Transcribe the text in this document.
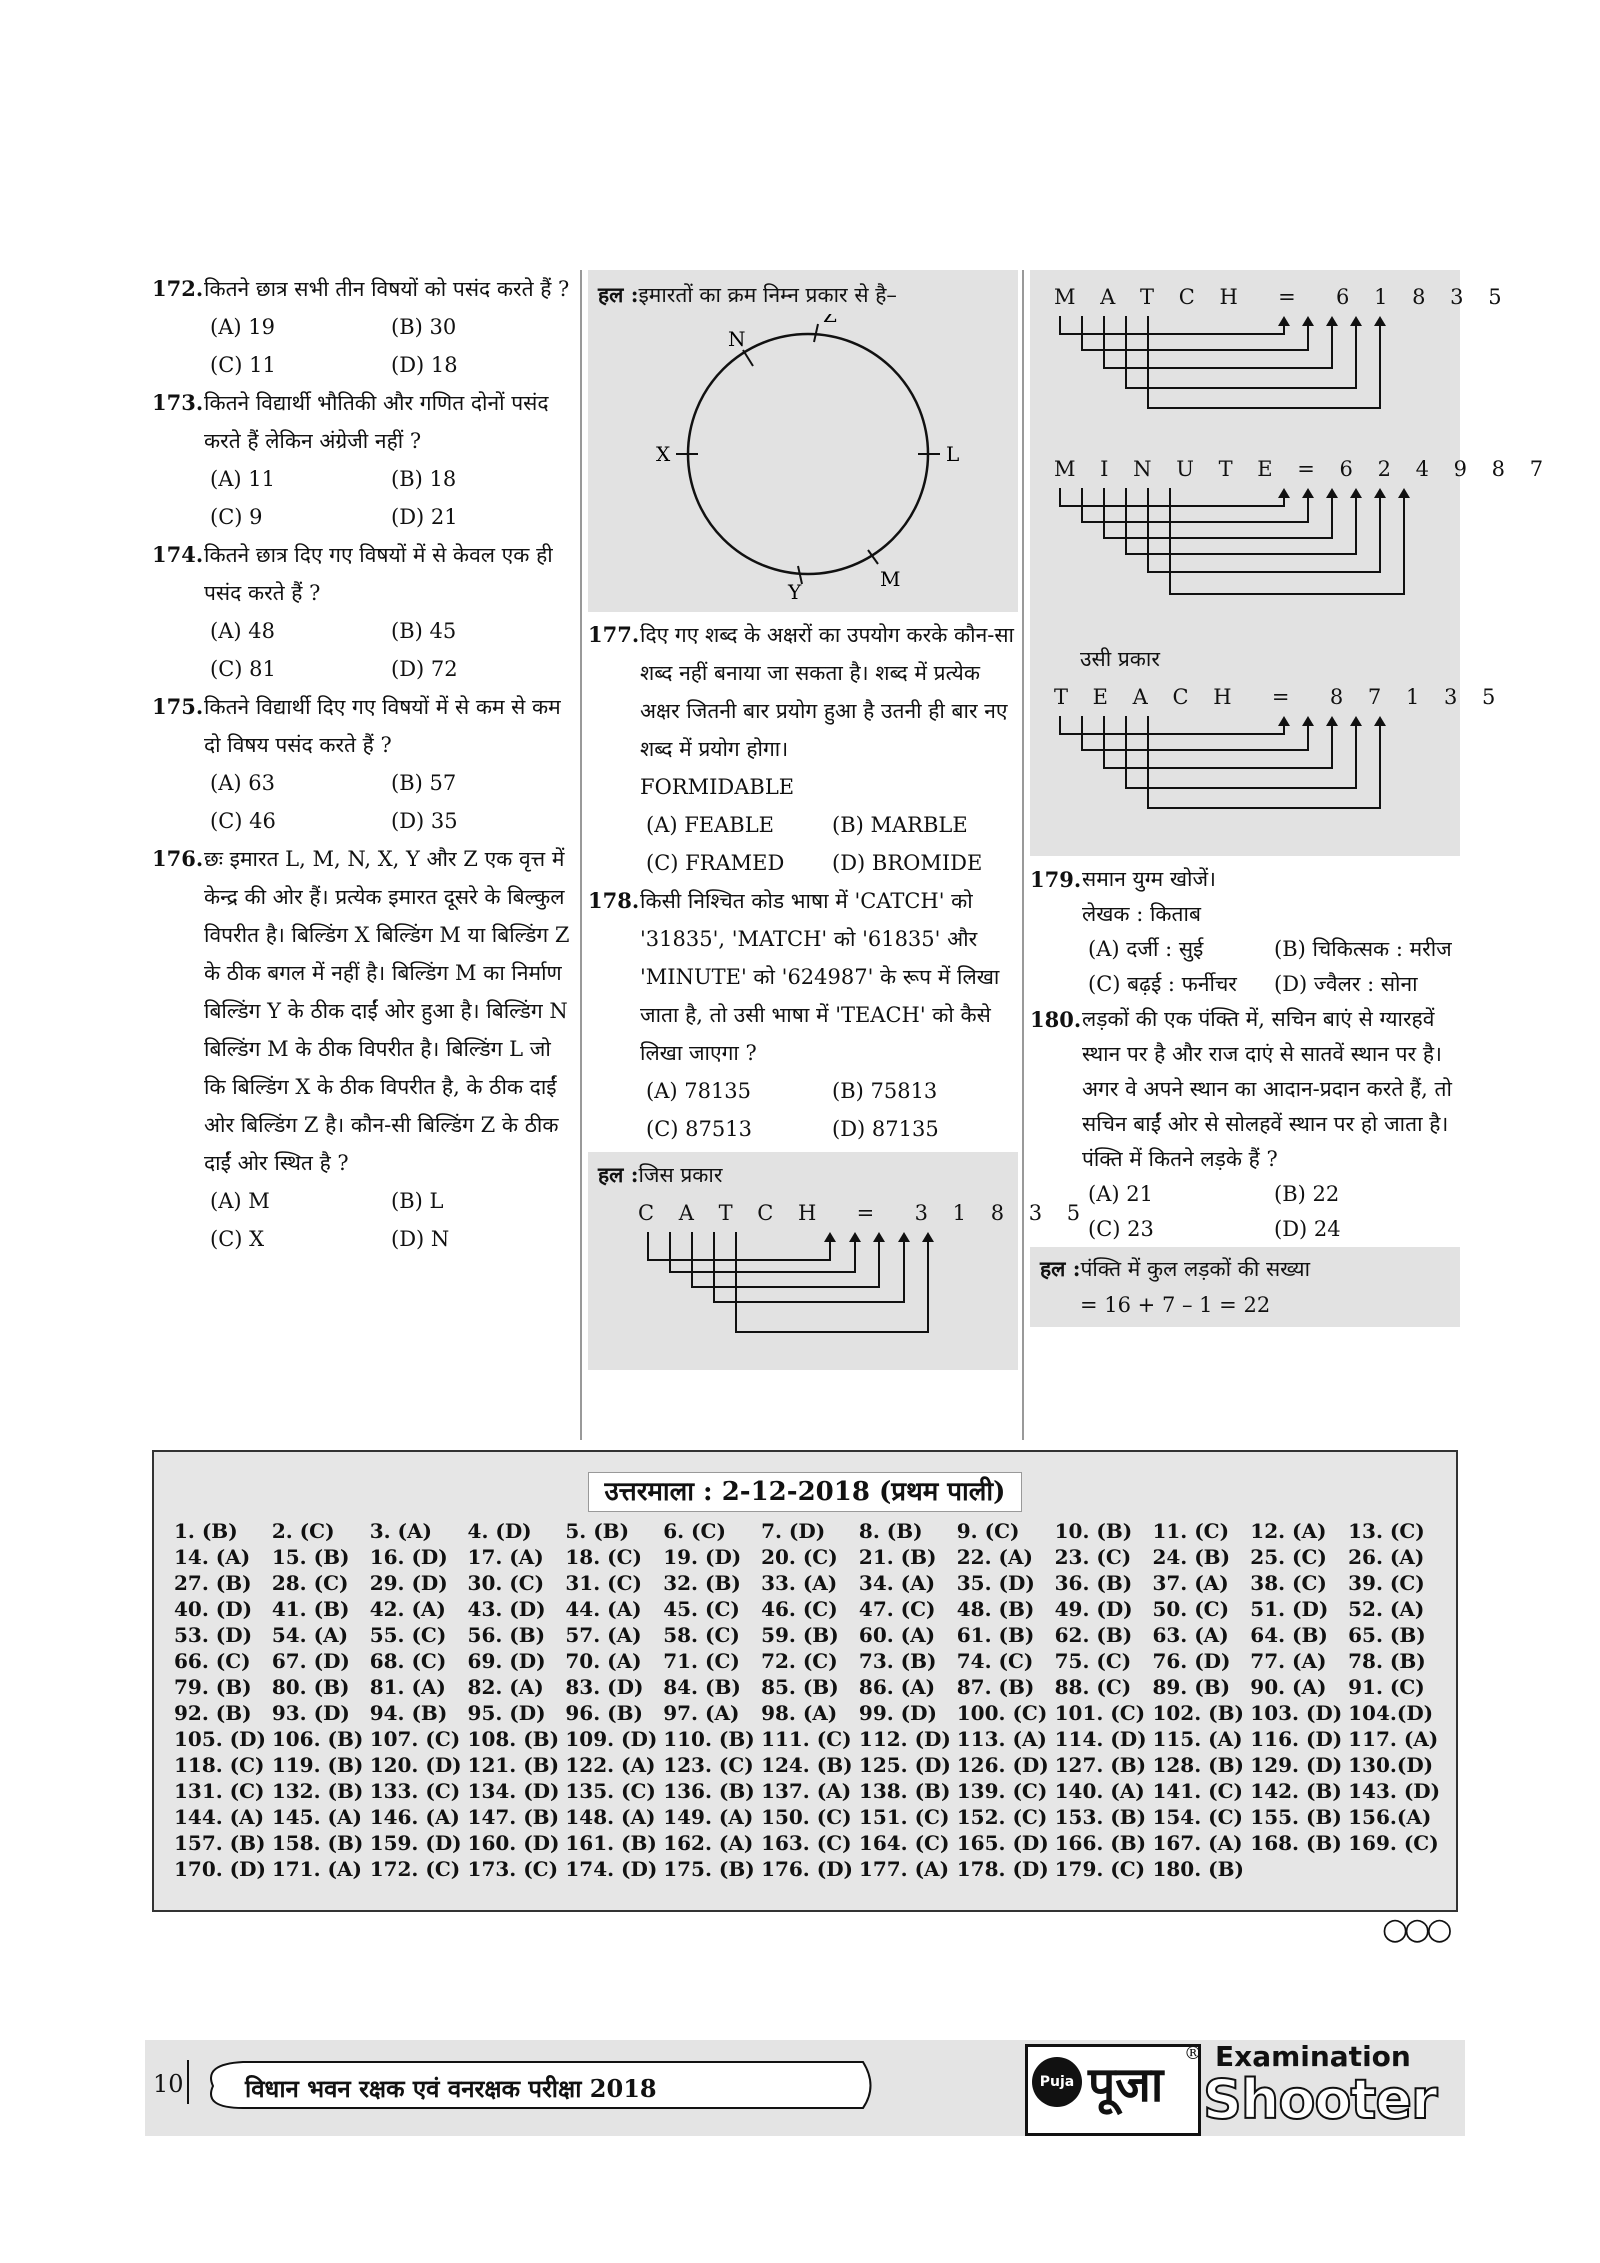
172. कितने छात्र सभी तीन विषयों को पसंद करते हैं ?
(A) 19	(B) 30
(C) 11	(D) 18
173. कितने विद्यार्थी भौतिकी और गणित दोनों पसंद करते हैं लेकिन अंग्रेजी नहीं ?
(A) 11	(B) 18
(C) 9	(D) 21
174. कितने छात्र दिए गए विषयों में से केवल एक ही पसंद करते हैं ?
(A) 48	(B) 45
(C) 81	(D) 72
175. कितने विद्यार्थी दिए गए विषयों में से कम से कम दो विषय पसंद करते हैं ?
(A) 63	(B) 57
(C) 46	(D) 35
176. छः इमारत L, M, N, X, Y और Z एक वृत्त में केन्द्र की ओर हैं। प्रत्येक इमारत दूसरे के बिल्कुल विपरीत है। बिल्डिंग X बिल्डिंग M या बिल्डिंग Z के ठीक बगल में नहीं है। बिल्डिंग M का निर्माण बिल्डिंग Y के ठीक दाईं ओर हुआ है। बिल्डिंग N बिल्डिंग M के ठीक विपरीत है। बिल्डिंग L जो कि बिल्डिंग X के ठीक विपरीत है, के ठीक दाईं ओर बिल्डिंग Z है। कौन-सी बिल्डिंग Z के ठीक दाईं ओर स्थित है ?
(A) M	(B) L
(C) X	(D) N
हल :इमारतों का क्रम निम्न प्रकार से है–
Z
N
X	L
Y
M
177. दिए गए शब्द के अक्षरों का उपयोग करके कौन-सा शब्द नहीं बनाया जा सकता है। शब्द में प्रत्येक अक्षर जितनी बार प्रयोग हुआ है उतनी ही बार नए शब्द में प्रयोग होगा।
FORMIDABLE
(A) FEABLE	(B) MARBLE
(C) FRAMED	(D) BROMIDE
178. किसी निश्चित कोड भाषा में 'CATCH' को '31835', 'MATCH' को '61835' और 'MINUTE' को '624987' के रूप में लिखा जाता है, तो उसी भाषा में 'TEACH' को कैसे लिखा जाएगा ?
(A) 78135	(B) 75813
(C) 87513	(D) 87135
हल :जिस प्रकार
C A T C H  =  3 1 8 3 5
M A T C H  =  6 1 8 3 5
M I N U T E = 6 2 4 9 8 7
उसी प्रकार
T E A C H  =  8 7 1 3 5
179. समान युग्म खोजें।
लेखक : किताब
(A) दर्जी : सुई	(B) चिकित्सक : मरीज
(C) बढ़ई : फर्नीचर	(D) ज्वैलर : सोना
180. लड़कों की एक पंक्ति में, सचिन बाएं से ग्यारहवें स्थान पर है और राज दाएं से सातवें स्थान पर है। अगर वे अपने स्थान का आदान-प्रदान करते हैं, तो सचिन बाईं ओर से सोलहवें स्थान पर हो जाता है। पंक्ति में कितने लड़के हैं ?
(A) 21	(B) 22
(C) 23	(D) 24
हल :पंक्ति में कुल लड़कों की सख्या
= 16 + 7 – 1 = 22
उत्तरमाला : 2-12-2018 (प्रथम पाली)
1. (B)	2. (C)	3. (A)	4. (D)	5. (B)	6. (C)	7. (D)	8. (B)	9. (C)	10. (B)	11. (C)	12. (A)	13. (C)
14. (A)	15. (B)	16. (D) 17. (A)	18. (C)	19. (D) 20. (C)	21. (B)	22. (A)	23. (C)	24. (B)	25. (C)	26. (A)
27. (B)	28. (C)	29. (D) 30. (C)	31. (C)	32. (B)	33. (A)	34. (A)	35. (D) 36. (B)	37. (A)	38. (C)	39. (C)
40. (D) 41. (B)	42. (A)	43. (D) 44. (A)	45. (C)	46. (C)	47. (C)	48. (B)	49. (D) 50. (C)	51. (D) 52. (A)
53. (D) 54. (A)	55. (C)	56. (B)	57. (A)	58. (C)	59. (B)	60. (A)	61. (B)	62. (B)	63. (A)	64. (B)	65. (B)
66. (C)	67. (D) 68. (C)	69. (D) 70. (A)	71. (C)	72. (C)	73. (B)	74. (C)	75. (C)	76. (D) 77. (A)	78. (B)
79. (B)	80. (B)	81. (A)	82. (A)	83. (D) 84. (B)	85. (B)	86. (A)	87. (B)	88. (C)	89. (B)	90. (A)	91. (C)
92. (B)	93. (D) 94. (B)	95. (D) 96. (B)	97. (A)	98. (A)	99. (D) 100. (C) 101. (C) 102. (B) 103. (D) 104.(D)
105. (D) 106. (B) 107. (C) 108. (B) 109. (D) 110. (B) 111. (C) 112. (D) 113. (A) 114. (D) 115. (A) 116. (D) 117. (A)
118. (C) 119. (B) 120. (D) 121. (B) 122. (A) 123. (C) 124. (B) 125. (D) 126. (D) 127. (B) 128. (B) 129. (D) 130.(D)
131. (C) 132. (B) 133. (C) 134. (D) 135. (C) 136. (B) 137. (A) 138. (B) 139. (C) 140. (A) 141. (C) 142. (B) 143. (D)
144. (A) 145. (A) 146. (A) 147. (B) 148. (A) 149. (A) 150. (C) 151. (C) 152. (C) 153. (B) 154. (C) 155. (B) 156.(A)
157. (B) 158. (B) 159. (D) 160. (D) 161. (B) 162. (A) 163. (C) 164. (C) 165. (D) 166. (B) 167. (A) 168. (B) 169. (C)
170. (D) 171. (A) 172. (C) 173. (C) 174. (D) 175. (B) 176. (D) 177. (A) 178. (D) 179. (C) 180. (B)
○○○
10	विधान भवन रक्षक एवं वनरक्षक परीक्षा 2018	Puja पूजा
® Examination
Shooter
